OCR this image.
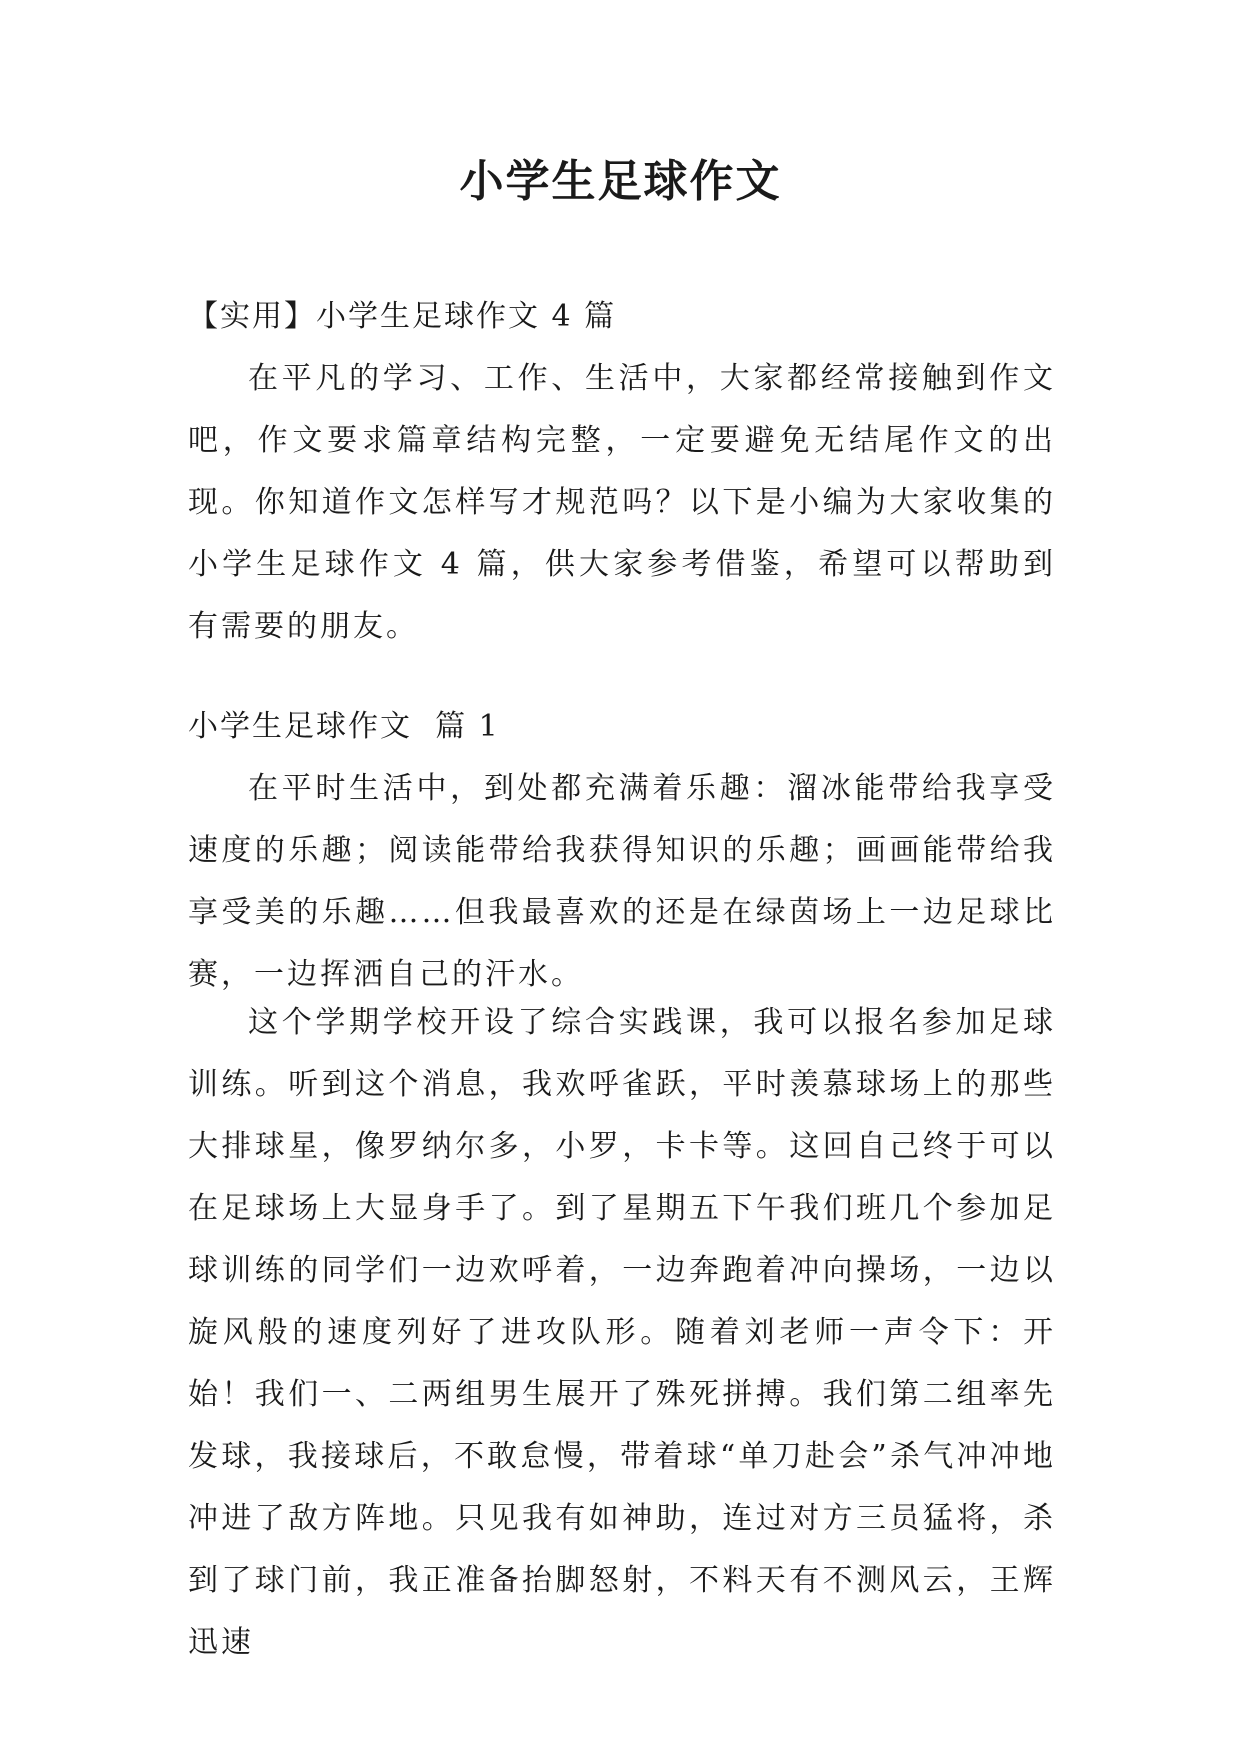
小学生足球作文

【实用】小学生足球作文 4 篇

在平凡的学习、工作、生活中，大家都经常接触到作文吧，作文要求篇章结构完整，一定要避免无结尾作文的出现。你知道作文怎样写才规范吗？以下是小编为大家收集的小学生足球作文 4 篇，供大家参考借鉴，希望可以帮助到有需要的朋友。

小学生足球作文  篇 1

在平时生活中，到处都充满着乐趣：溜冰能带给我享受速度的乐趣；阅读能带给我获得知识的乐趣；画画能带给我享受美的乐趣……但我最喜欢的还是在绿茵场上一边足球比赛，一边挥洒自己的汗水。

这个学期学校开设了综合实践课，我可以报名参加足球训练。听到这个消息，我欢呼雀跃，平时羡慕球场上的那些大排球星，像罗纳尔多，小罗，卡卡等。这回自己终于可以在足球场上大显身手了。到了星期五下午我们班几个参加足球训练的同学们一边欢呼着，一边奔跑着冲向操场，一边以旋风般的速度列好了进攻队形。随着刘老师一声令下：开始！我们一、二两组男生展开了殊死拼搏。我们第二组率先发球，我接球后，不敢怠慢，带着球“单刀赴会”杀气冲冲地冲进了敌方阵地。只见我有如神助，连过对方三员猛将，杀到了球门前，我正准备抬脚怒射，不料天有不测风云，王辉迅速
